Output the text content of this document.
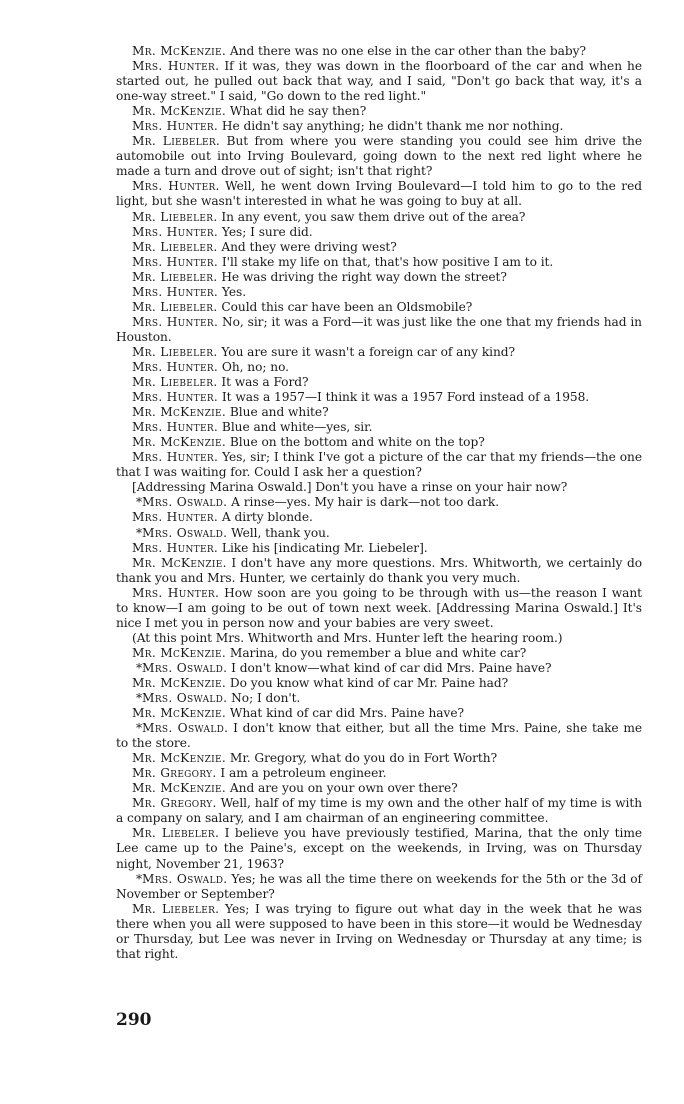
Mr. McKenzie. And there was no one else in the car other than the baby?

Mrs. Hunter. If it was, they was down in the floorboard of the car and when he started out, he pulled out back that way, and I said, "Don't go back that way, it's a one-way street." I said, "Go down to the red light."

Mr. McKenzie. What did he say then?

Mrs. Hunter. He didn't say anything; he didn't thank me nor nothing.

Mr. Liebeler. But from where you were standing you could see him drive the automobile out into Irving Boulevard, going down to the next red light where he made a turn and drove out of sight; isn't that right?

Mrs. Hunter. Well, he went down Irving Boulevard—I told him to go to the red light, but she wasn't interested in what he was going to buy at all.

Mr. Liebeler. In any event, you saw them drive out of the area?

Mrs. Hunter. Yes; I sure did.

Mr. Liebeler. And they were driving west?

Mrs. Hunter. I'll stake my life on that, that's how positive I am to it.

Mr. Liebeler. He was driving the right way down the street?

Mrs. Hunter. Yes.

Mr. Liebeler. Could this car have been an Oldsmobile?

Mrs. Hunter. No, sir; it was a Ford—it was just like the one that my friends had in Houston.

Mr. Liebeler. You are sure it wasn't a foreign car of any kind?

Mrs. Hunter. Oh, no; no.

Mr. Liebeler. It was a Ford?

Mrs. Hunter. It was a 1957—I think it was a 1957 Ford instead of a 1958.

Mr. McKenzie. Blue and white?

Mrs. Hunter. Blue and white—yes, sir.

Mr. McKenzie. Blue on the bottom and white on the top?

Mrs. Hunter. Yes, sir; I think I've got a picture of the car that my friends—the one that I was waiting for. Could I ask her a question?

[Addressing Marina Oswald.] Don't you have a rinse on your hair now?

*Mrs. Oswald. A rinse—yes. My hair is dark—not too dark.

Mrs. Hunter. A dirty blonde.

*Mrs. Oswald. Well, thank you.

Mrs. Hunter. Like his [indicating Mr. Liebeler].

Mr. McKenzie. I don't have any more questions. Mrs. Whitworth, we certainly do thank you and Mrs. Hunter, we certainly do thank you very much.

Mrs. Hunter. How soon are you going to be through with us—the reason I want to know—I am going to be out of town next week. [Addressing Marina Oswald.] It's nice I met you in person now and your babies are very sweet.

(At this point Mrs. Whitworth and Mrs. Hunter left the hearing room.)

Mr. McKenzie. Marina, do you remember a blue and white car?

*Mrs. Oswald. I don't know—what kind of car did Mrs. Paine have?

Mr. McKenzie. Do you know what kind of car Mr. Paine had?

*Mrs. Oswald. No; I don't.

Mr. McKenzie. What kind of car did Mrs. Paine have?

*Mrs. Oswald. I don't know that either, but all the time Mrs. Paine, she take me to the store.

Mr. McKenzie. Mr. Gregory, what do you do in Fort Worth?

Mr. Gregory. I am a petroleum engineer.

Mr. McKenzie. And are you on your own over there?

Mr. Gregory. Well, half of my time is my own and the other half of my time is with a company on salary, and I am chairman of an engineering committee.

Mr. Liebeler. I believe you have previously testified, Marina, that the only time Lee came up to the Paine's, except on the weekends, in Irving, was on Thursday night, November 21, 1963?

*Mrs. Oswald. Yes; he was all the time there on weekends for the 5th or the 3d of November or September?

Mr. Liebeler. Yes; I was trying to figure out what day in the week that he was there when you all were supposed to have been in this store—it would be Wednesday or Thursday, but Lee was never in Irving on Wednesday or Thursday at any time; is that right.

290
